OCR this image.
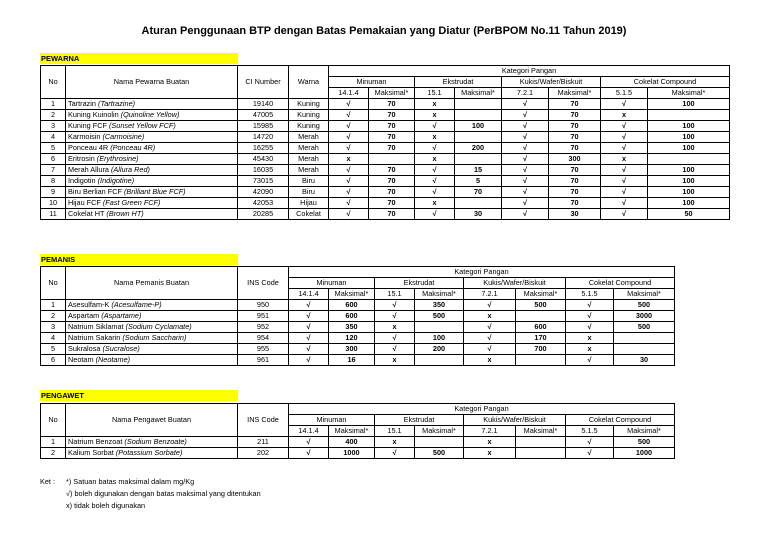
Aturan Penggunaan BTP dengan Batas Pemakaian yang Diatur (PerBPOM No.11 Tahun 2019)
PEWARNA
No	Nama Pewarna Buatan	CI Number	Warna	Kategori Pangan							
				Minuman		Ekstrudat		Kukis/Wafer/Biskuit		Cokelat Compound	
				14.1.4	Maksimal*	15.1	Maksimal*	7.2.1	Maksimal*	5.1.5	Maksimal*
1	Tartrazin (Tartrazine)	19140	Kuning	√	70	x		√	70	√	100
2	Kuning Kuinolin (Quinoline Yellow)	47005	Kuning	√	70	x		√	70	x	
3	Kuning FCF (Sunset Yellow FCF)	15985	Kuning	√	70	√	100	√	70	√	100
4	Karmoisin (Carmoisine)	14720	Merah	√	70	x		√	70	√	100
5	Ponceau 4R (Ponceau 4R)	16255	Merah	√	70	√	200	√	70	√	100
6	Eritrosin (Erythrosine)	45430	Merah	x		x		√	300	x	
7	Merah Allura (Allura Red)	16035	Merah	√	70	√	15	√	70	√	100
8	Indigotin (Indigotine)	73015	Biru	√	70	√	5	√	70	√	100
9	Biru Berlian FCF (Brilliant Blue FCF)	42090	Biru	√	70	√	70	√	70	√	100
10	Hijau FCF (Fast Green FCF)	42053	Hijau	√	70	x		√	70	√	100
11	Cokelat HT (Brown HT)	20285	Cokelat	√	70	√	30	√	30	√	50
PEMANIS
No	Nama Pemanis Buatan	INS Code	Kategori Pangan							
			Minuman		Ekstrudat		Kukis/Wafer/Biskuit		Cokelat Compound	
			14.1.4	Maksimal*	15.1	Maksimal*	7.2.1	Maksimal*	5.1.5	Maksimal*
1	Asesulfam-K (Acesulfame-P)	950	√	600	√	350	√	500	√	500
2	Aspartam (Aspartame)	951	√	600	√	500	x		√	3000
3	Natrium Siklamat (Sodium Cyclamate)	952	√	350	x		√	600	√	500
4	Natrium Sakarin (Sodium Saccharin)	954	√	120	√	100	√	170	x	
5	Sukralosa (Sucralose)	955	√	300	√	200	√	700	x	
6	Neotam (Neotame)	961	√	16	x		x		√	30
PENGAWET
No	Nama Pengawet Buatan	INS Code	Kategori Pangan							
			Minuman		Ekstrudat		Kukis/Wafer/Biskuit		Cokelat Compound	
			14.1.4	Maksimal*	15.1	Maksimal*	7.2.1	Maksimal*	5.1.5	Maksimal*
1	Natrium Benzoat (Sodium Benzoate)	211	√	400	x		x		√	500
2	Kalium Sorbat (Potassium Sorbate)	202	√	1000	√	500	x		√	1000
Ket : *) Satuan batas maksimal dalam mg/Kg
√) boleh digunakan dengan batas maksimal yang ditentukan
x) tidak boleh digunakan
